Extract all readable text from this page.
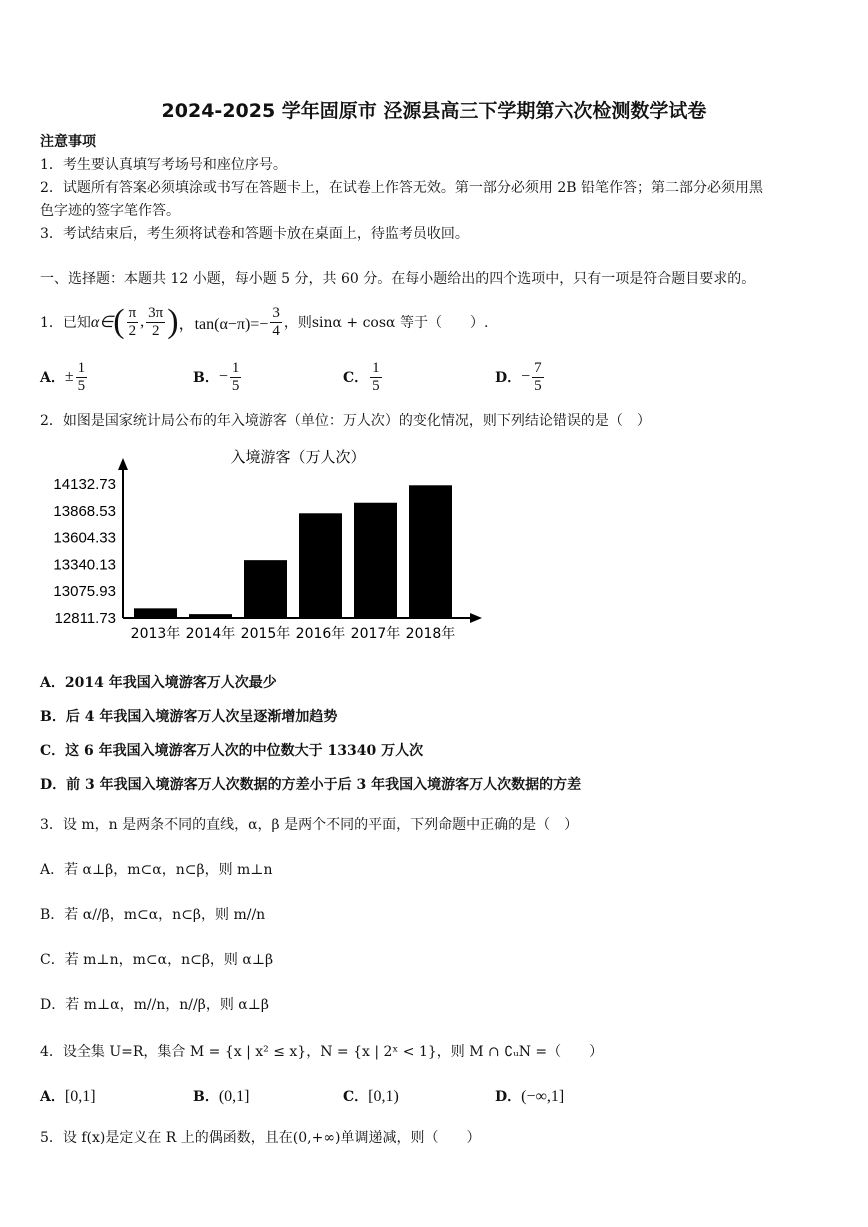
2024-2025 学年固原市 泾源县高三下学期第六次检测数学试卷
注意事项
1．考生要认真填写考场号和座位序号。
2．试题所有答案必须填涂或书写在答题卡上，在试卷上作答无效。第一部分必须用 2B 铅笔作答；第二部分必须用黑
色字迹的签字笔作答。
3．考试结束后，考生须将试卷和答题卡放在桌面上，待监考员收回。
一、选择题：本题共 12 小题，每小题 5 分，共 60 分。在每小题给出的四个选项中，只有一项是符合题目要求的。
1．已知 α∈ ( $\frac{\pi}{2}$ , $\frac{3\pi}{2}$ ) ，$\tan(\alpha-\pi)=- \frac{3}{4}$ ，则sinα + cosα 等于（　　）.
A． ± $\frac{1}{5}$	B． − $\frac{1}{5}$	C． $\frac{1}{5}$	D． − $\frac{7}{5}$
2．如图是国家统计局公布的年入境游客（单位：万人次）的变化情况，则下列结论错误的是（　）
入境游客（万人次）
14132.73
13868.53
13604.33
13340.13
13075.93
12811.73
2013年 2014年 2015年 2016年 2017年 2018年
A．2014 年我国入境游客万人次最少
B．后 4 年我国入境游客万人次呈逐渐增加趋势
C．这 6 年我国入境游客万人次的中位数大于 13340 万人次
D．前 3 年我国入境游客万人次数据的方差小于后 3 年我国入境游客万人次数据的方差
3．设 m，n 是两条不同的直线，α，β 是两个不同的平面，下列命题中正确的是（　）
A．若 α⊥β，m⊂α，n⊂β，则 m⊥n
B．若 α//β，m⊂α，n⊂β，则 m//n
C．若 m⊥n，m⊂α，n⊂β，则 α⊥β
D．若 m⊥α，m//n，n//β，则 α⊥β
4．设全集 U=R，集合 M = {x | x² ≤ x}，N = {x | 2ˣ < 1}，则 M ∩ ∁ᵤN =（　　）
A．[0,1]	B．(0,1]	C．[0,1)	D．(−∞,1]
5．设 f(x)是定义在 R 上的偶函数，且在(0,+∞)单调递减，则（　　）
